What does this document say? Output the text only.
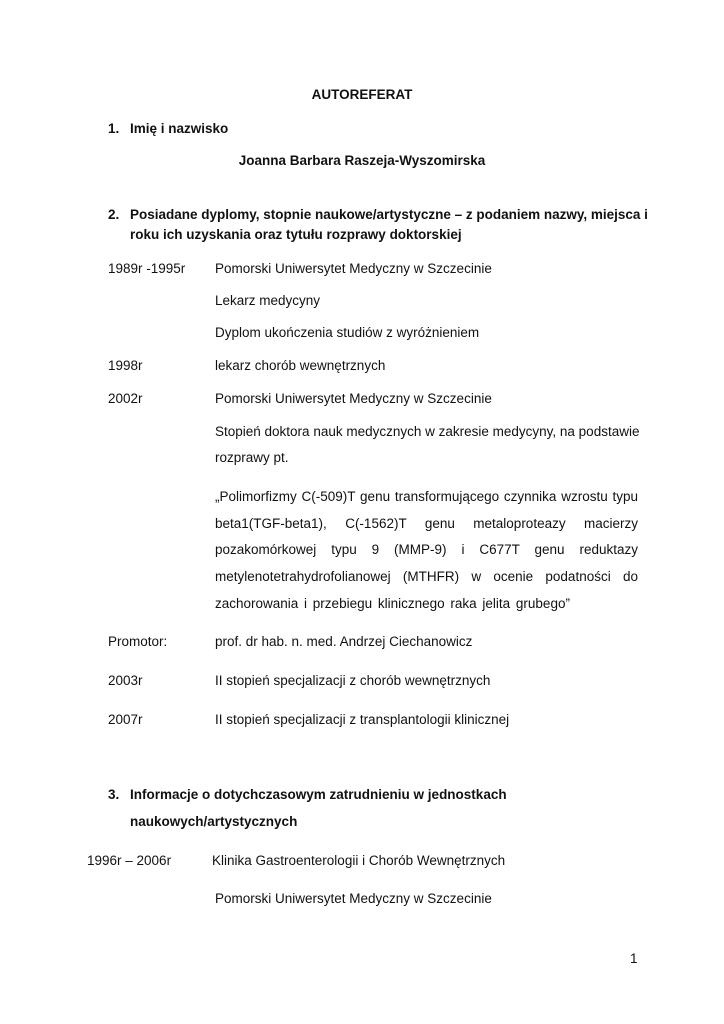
AUTOREFERAT
1. Imię i nazwisko
Joanna Barbara Raszeja-Wyszomirska
2. Posiadane dyplomy, stopnie naukowe/artystyczne – z podaniem nazwy, miejsca i
roku ich uzyskania oraz tytułu rozprawy doktorskiej
1989r -1995r Pomorski Uniwersytet Medyczny w Szczecinie
Lekarz medycyny
Dyplom ukończenia studiów z wyróżnieniem
1998r	lekarz chorób wewnętrznych
2002r	Pomorski Uniwersytet Medyczny w Szczecinie
Stopień doktora nauk medycznych w zakresie medycyny, na podstawie
rozprawy pt.
„Polimorfizmy C(-509)T genu transformującego czynnika wzrostu typu
beta1(TGF-beta1), C(-1562)T genu metaloproteazy macierzy
pozakomórkowej typu 9 (MMP-9) i C677T genu reduktazy
metylenotetrahydrofolianowej (MTHFR) w ocenie podatności do
zachorowania i przebiegu klinicznego raka jelita grubego”
Promotor:	prof. dr hab. n. med. Andrzej Ciechanowicz
2003r	II stopień specjalizacji z chorób wewnętrznych
2007r	II stopień specjalizacji z transplantologii klinicznej
3. Informacje o dotychczasowym zatrudnieniu w jednostkach
naukowych/artystycznych
1996r – 2006r	Klinika Gastroenterologii i Chorób Wewnętrznych
Pomorski Uniwersytet Medyczny w Szczecinie
1
